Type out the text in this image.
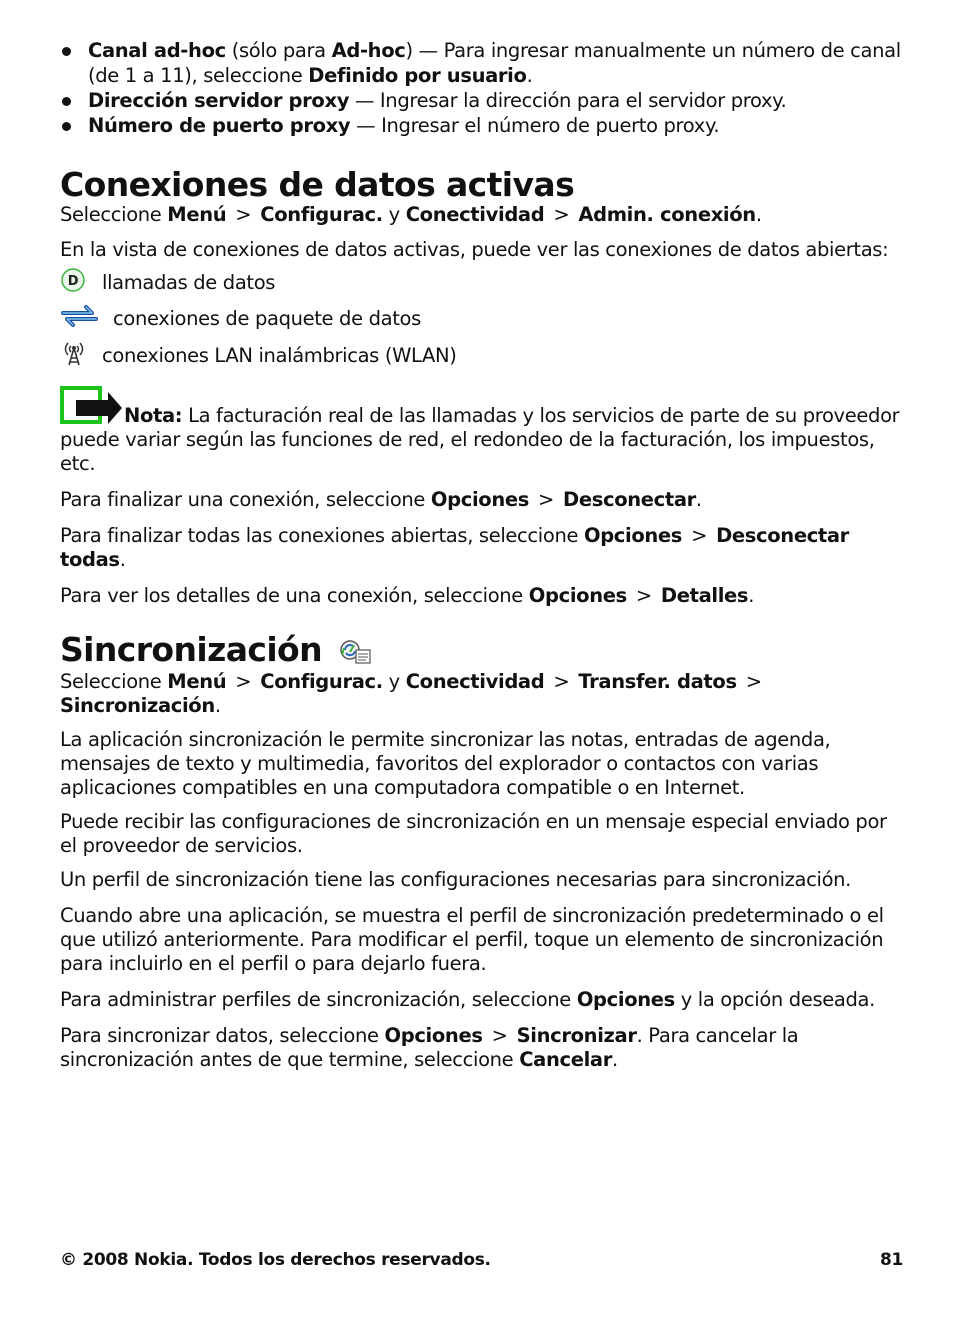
Canal ad-hoc (sólo para Ad-hoc) — Para ingresar manualmente un número de canal (de 1 a 11), seleccione Definido por usuario.
Dirección servidor proxy — Ingresar la dirección para el servidor proxy.
Número de puerto proxy — Ingresar el número de puerto proxy.
Conexiones de datos activas

Seleccione Menú > Configurac. y Conectividad > Admin. conexión.

En la vista de conexiones de datos activas, puede ver las conexiones de datos abiertas:

D llamadas de datos
conexiones de paquete de datos
conexiones LAN inalámbricas (WLAN)

Nota: La facturación real de las llamadas y los servicios de parte de su proveedor puede variar según las funciones de red, el redondeo de la facturación, los impuestos, etc.

Para finalizar una conexión, seleccione Opciones > Desconectar.

Para finalizar todas las conexiones abiertas, seleccione Opciones > Desconectar todas.

Para ver los detalles de una conexión, seleccione Opciones > Detalles.

Sincronización

Seleccione Menú > Configurac. y Conectividad > Transfer. datos >
Sincronización.

La aplicación sincronización le permite sincronizar las notas, entradas de agenda, mensajes de texto y multimedia, favoritos del explorador o contactos con varias aplicaciones compatibles en una computadora compatible o en Internet.

Puede recibir las configuraciones de sincronización en un mensaje especial enviado por el proveedor de servicios.

Un perfil de sincronización tiene las configuraciones necesarias para sincronización.

Cuando abre una aplicación, se muestra el perfil de sincronización predeterminado o el que utilizó anteriormente. Para modificar el perfil, toque un elemento de sincronización para incluirlo en el perfil o para dejarlo fuera.

Para administrar perfiles de sincronización, seleccione Opciones y la opción deseada.

Para sincronizar datos, seleccione Opciones > Sincronizar. Para cancelar la sincronización antes de que termine, seleccione Cancelar.

© 2008 Nokia. Todos los derechos reservados.	81
